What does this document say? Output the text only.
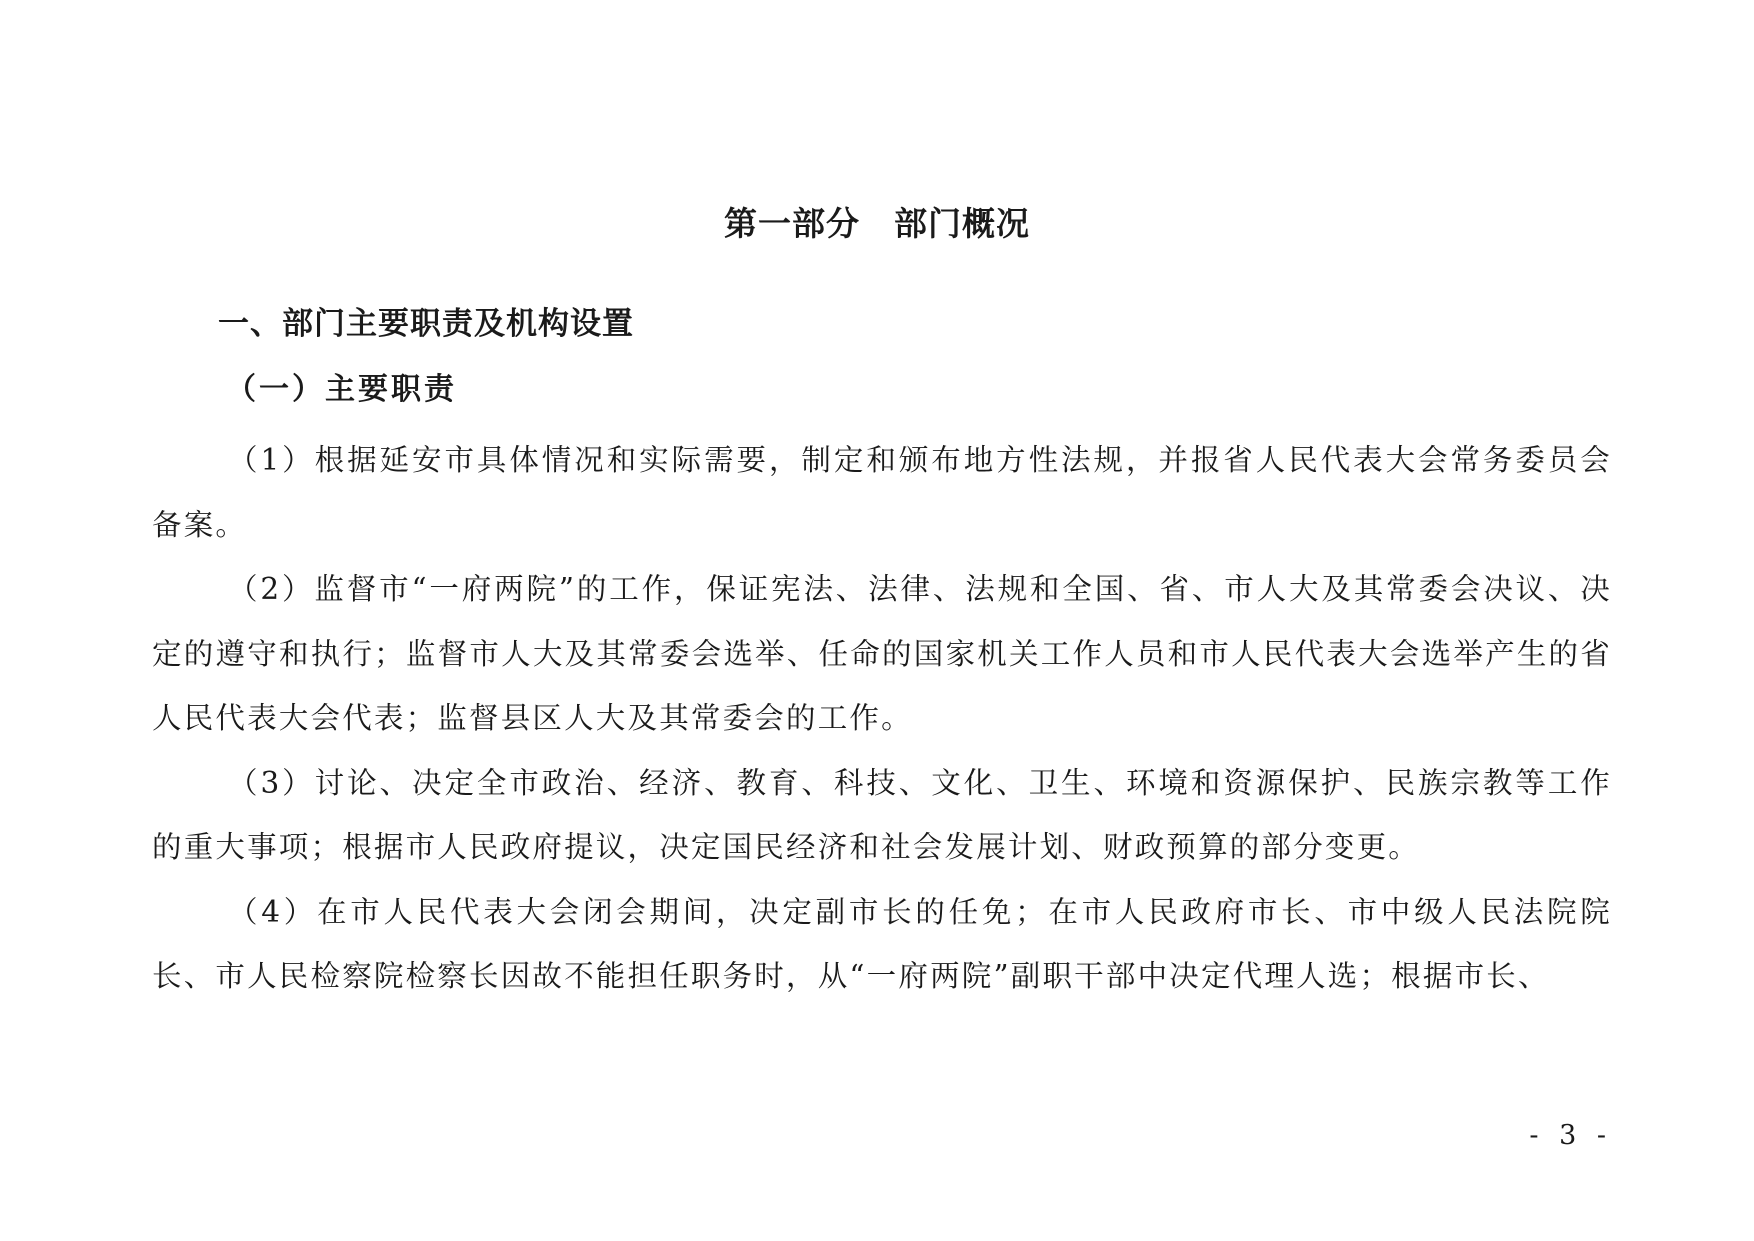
第一部分　部门概况
一、部门主要职责及机构设置
（一）主要职责

（1）根据延安市具体情况和实际需要，制定和颁布地方性法规，并报省人民代表大会常务委员会备案。

（2）监督市“一府两院”的工作，保证宪法、法律、法规和全国、省、市人大及其常委会决议、决定的遵守和执行；监督市人大及其常委会选举、任命的国家机关工作人员和市人民代表大会选举产生的省人民代表大会代表；监督县区人大及其常委会的工作。

（3）讨论、决定全市政治、经济、教育、科技、文化、卫生、环境和资源保护、民族宗教等工作的重大事项；根据市人民政府提议，决定国民经济和社会发展计划、财政预算的部分变更。

（4）在市人民代表大会闭会期间，决定副市长的任免；在市人民政府市长、市中级人民法院院长、市人民检察院检察长因故不能担任职务时，从“一府两院”副职干部中决定代理人选；根据市长、

- 3 -
